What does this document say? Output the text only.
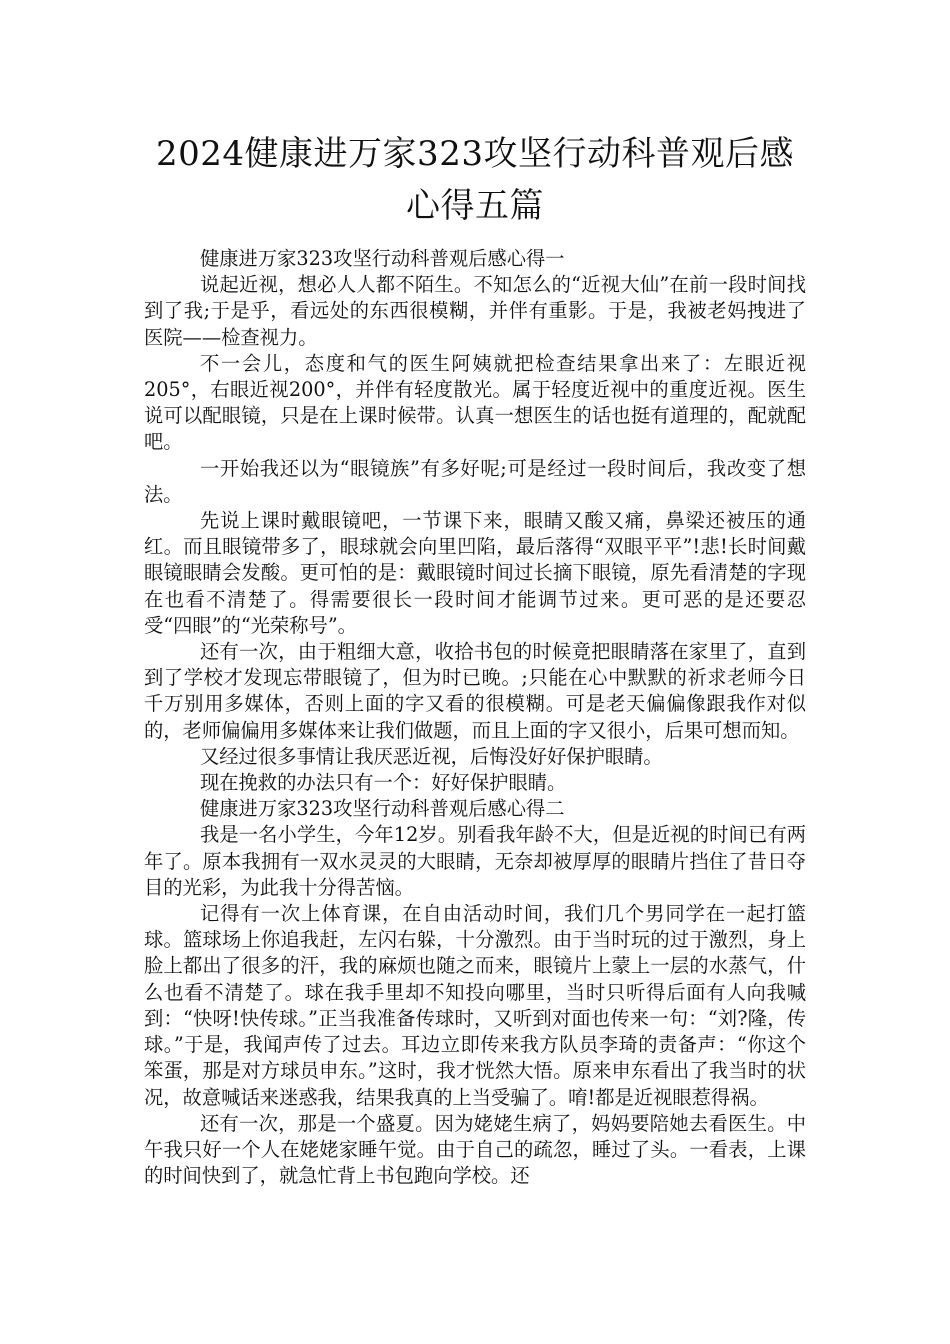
2024健康进万家323攻坚行动科普观后感心得五篇

健康进万家323攻坚行动科普观后感心得一

说起近视，想必人人都不陌生。不知怎么的“近视大仙”在前一段时间找到了我;于是乎，看远处的东西很模糊，并伴有重影。于是，我被老妈拽进了医院——检查视力。

不一会儿，态度和气的医生阿姨就把检查结果拿出来了：左眼近视205°，右眼近视200°，并伴有轻度散光。属于轻度近视中的重度近视。医生说可以配眼镜，只是在上课时候带。认真一想医生的话也挺有道理的，配就配吧。

一开始我还以为“眼镜族”有多好呢;可是经过一段时间后，我改变了想法。

先说上课时戴眼镜吧，一节课下来，眼睛又酸又痛，鼻梁还被压的通红。而且眼镜带多了，眼球就会向里凹陷，最后落得“双眼平平”!悲!长时间戴眼镜眼睛会发酸。更可怕的是：戴眼镜时间过长摘下眼镜，原先看清楚的字现在也看不清楚了。得需要很长一段时间才能调节过来。更可恶的是还要忍受“四眼”的“光荣称号”。

还有一次，由于粗细大意，收拾书包的时候竟把眼睛落在家里了，直到到了学校才发现忘带眼镜了，但为时已晚。;只能在心中默默的祈求老师今日千万别用多媒体，否则上面的字又看的很模糊。可是老天偏偏像跟我作对似的，老师偏偏用多媒体来让我们做题，而且上面的字又很小，后果可想而知。

又经过很多事情让我厌恶近视，后悔没好好保护眼睛。

现在挽救的办法只有一个：好好保护眼睛。

健康进万家323攻坚行动科普观后感心得二

我是一名小学生，今年12岁。别看我年龄不大，但是近视的时间已有两年了。原本我拥有一双水灵灵的大眼睛，无奈却被厚厚的眼睛片挡住了昔日夺目的光彩，为此我十分得苦恼。

记得有一次上体育课，在自由活动时间，我们几个男同学在一起打篮球。篮球场上你追我赶，左闪右躲，十分激烈。由于当时玩的过于激烈，身上脸上都出了很多的汗，我的麻烦也随之而来，眼镜片上蒙上一层的水蒸气，什么也看不清楚了。球在我手里却不知投向哪里，当时只听得后面有人向我喊到：“快呀!快传球。”正当我准备传球时，又听到对面也传来一句：“刘?隆，传球。”于是，我闻声传了过去。耳边立即传来我方队员李琦的责备声：“你这个笨蛋，那是对方球员申东。”这时，我才恍然大悟。原来申东看出了我当时的状况，故意喊话来迷惑我，结果我真的上当受骗了。唷!都是近视眼惹得祸。

还有一次，那是一个盛夏。因为姥姥生病了，妈妈要陪她去看医生。中午我只好一个人在姥姥家睡午觉。由于自己的疏忽，睡过了头。一看表，上课的时间快到了，就急忙背上书包跑向学校。还
